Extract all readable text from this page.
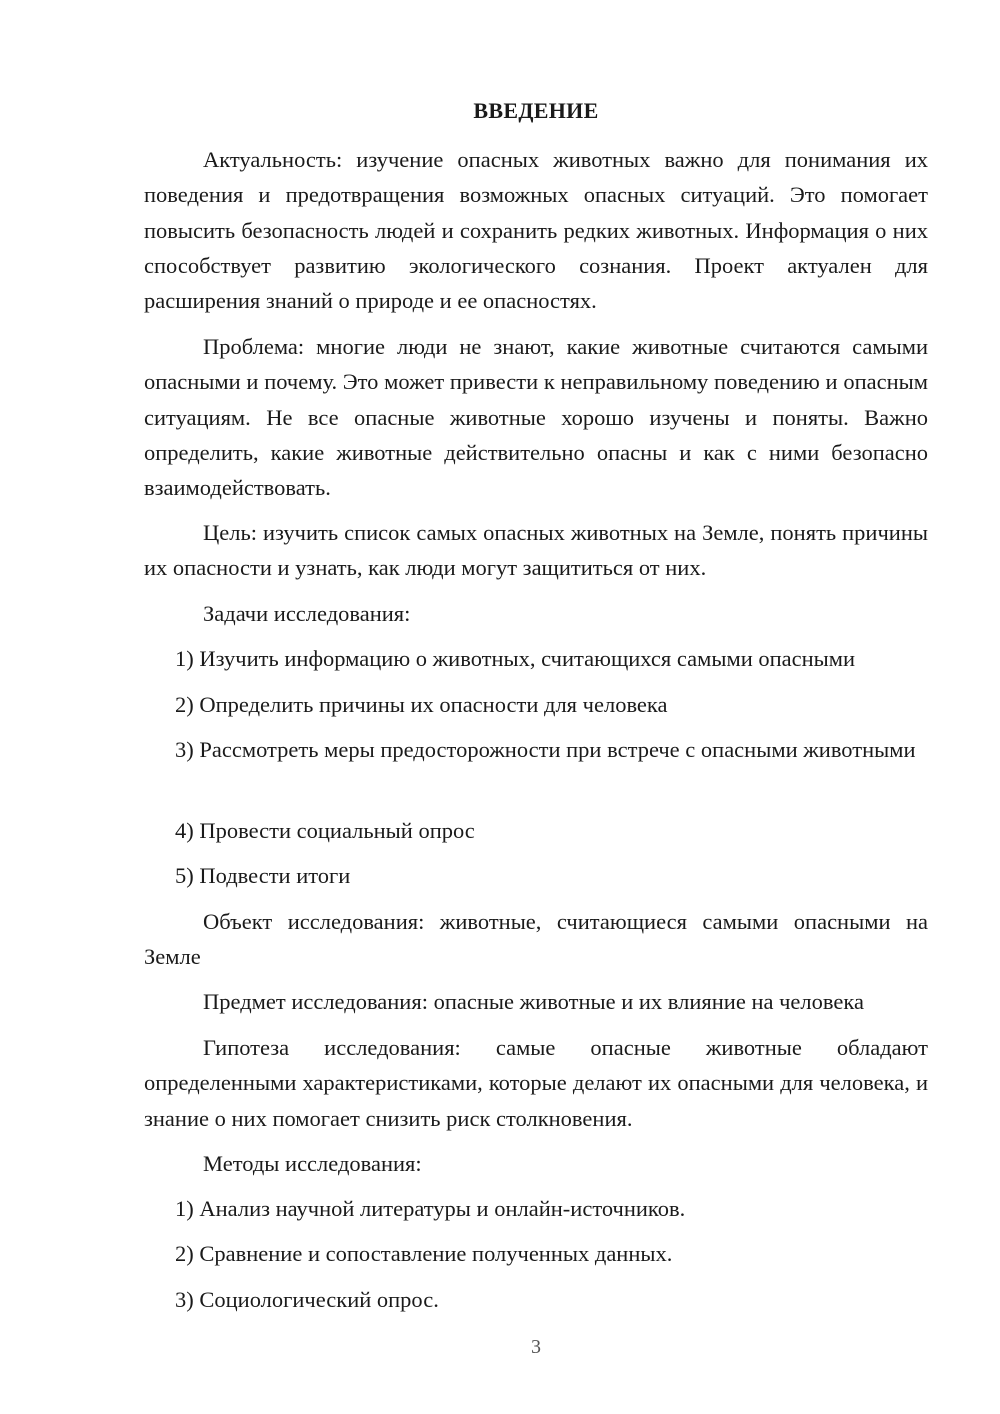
ВВЕДЕНИЕ

Актуальность: изучение опасных животных важно для понимания их поведения и предотвращения возможных опасных ситуаций. Это помогает повысить безопасность людей и сохранить редких животных. Информация о них способствует развитию экологического сознания. Проект актуален для расширения знаний о природе и ее опасностях.

Проблема: многие люди не знают, какие животные считаются самыми опасными и почему. Это может привести к неправильному поведению и опасным ситуациям. Не все опасные животные хорошо изучены и поняты. Важно определить, какие животные действительно опасны и как с ними безопасно взаимодействовать.

Цель: изучить список самых опасных животных на Земле, понять причины их опасности и узнать, как люди могут защититься от них.

Задачи исследования:

1) Изучить информацию о животных, считающихся самыми опасными

2) Определить причины их опасности для человека

3) Рассмотреть меры предосторожности при встрече с опасными животными

4) Провести социальный опрос

5) Подвести итоги

Объект исследования: животные, считающиеся самыми опасными на Земле

Предмет исследования: опасные животные и их влияние на человека

Гипотеза исследования: самые опасные животные обладают определенными характеристиками, которые делают их опасными для человека, и знание о них помогает снизить риск столкновения.

Методы исследования:

1) Анализ научной литературы и онлайн-источников.

2) Сравнение и сопоставление полученных данных.

3) Социологический опрос.

3
